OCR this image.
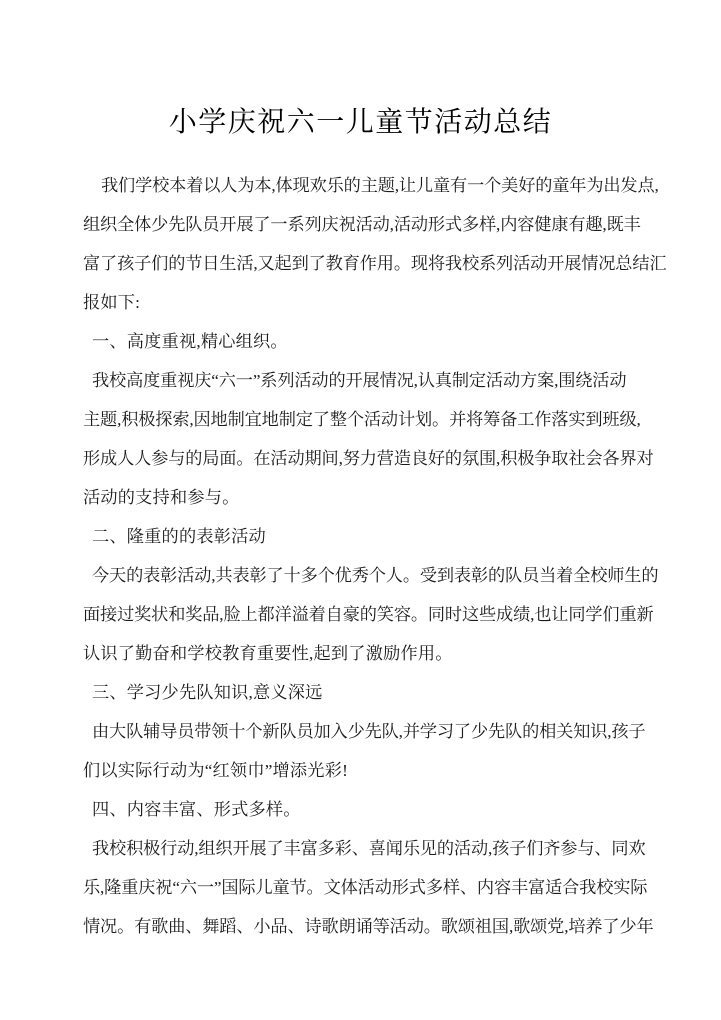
小学庆祝六一儿童节活动总结
我们学校本着以人为本,体现欢乐的主题,让儿童有一个美好的童年为出发点,
组织全体少先队员开展了一系列庆祝活动,活动形式多样,内容健康有趣,既丰
富了孩子们的节日生活,又起到了教育作用。现将我校系列活动开展情况总结汇
报如下:
一、高度重视,精心组织。
我校高度重视庆“六一”系列活动的开展情况,认真制定活动方案,围绕活动
主题,积极探索,因地制宜地制定了整个活动计划。并将筹备工作落实到班级,
形成人人参与的局面。在活动期间,努力营造良好的氛围,积极争取社会各界对
活动的支持和参与。
二、隆重的的表彰活动
今天的表彰活动,共表彰了十多个优秀个人。受到表彰的队员当着全校师生的
面接过奖状和奖品,脸上都洋溢着自豪的笑容。同时这些成绩,也让同学们重新
认识了勤奋和学校教育重要性,起到了激励作用。
三、学习少先队知识,意义深远
由大队辅导员带领十个新队员加入少先队,并学习了少先队的相关知识,孩子
们以实际行动为“红领巾”增添光彩!
四、内容丰富、形式多样。
我校积极行动,组织开展了丰富多彩、喜闻乐见的活动,孩子们齐参与、同欢
乐,隆重庆祝“六一”国际儿童节。文体活动形式多样、内容丰富适合我校实际
情况。有歌曲、舞蹈、小品、诗歌朗诵等活动。歌颂祖国,歌颂党,培养了少年
